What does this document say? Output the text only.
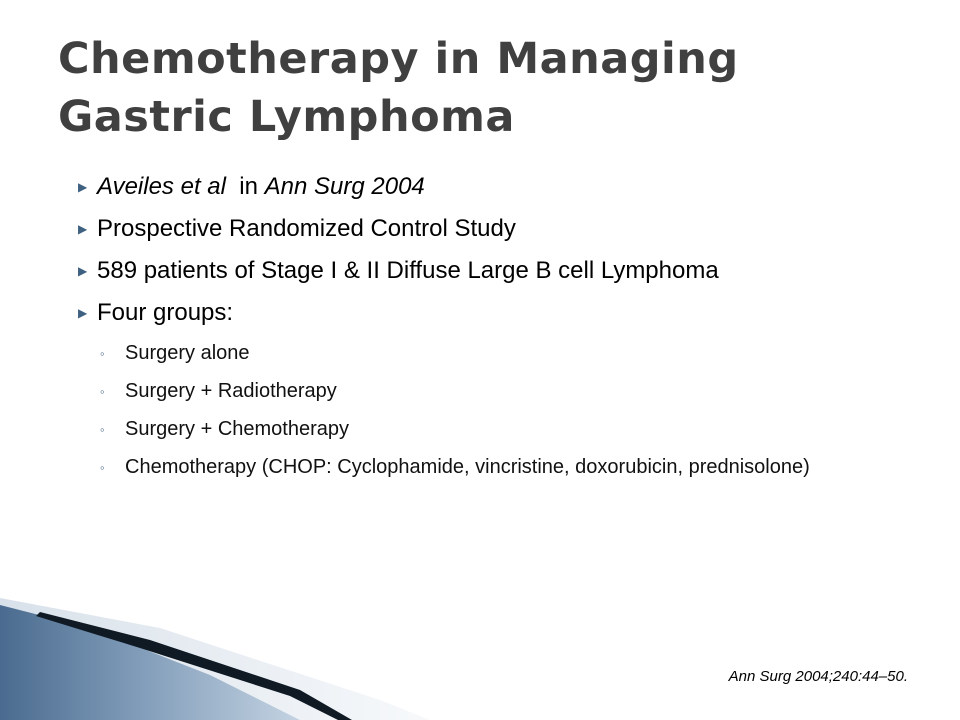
Chemotherapy in Managing Gastric Lymphoma
▶ Aveiles et al  in Ann Surg 2004
▶ Prospective Randomized Control Study
▶ 589 patients of Stage I & II Diffuse Large B cell Lymphoma
▶ Four groups:
◦	Surgery alone
◦	Surgery + Radiotherapy
◦	Surgery + Chemotherapy
◦	Chemotherapy (CHOP: Cyclophamide, vincristine, doxorubicin, prednisolone)
Ann Surg 2004;240:44–50.
